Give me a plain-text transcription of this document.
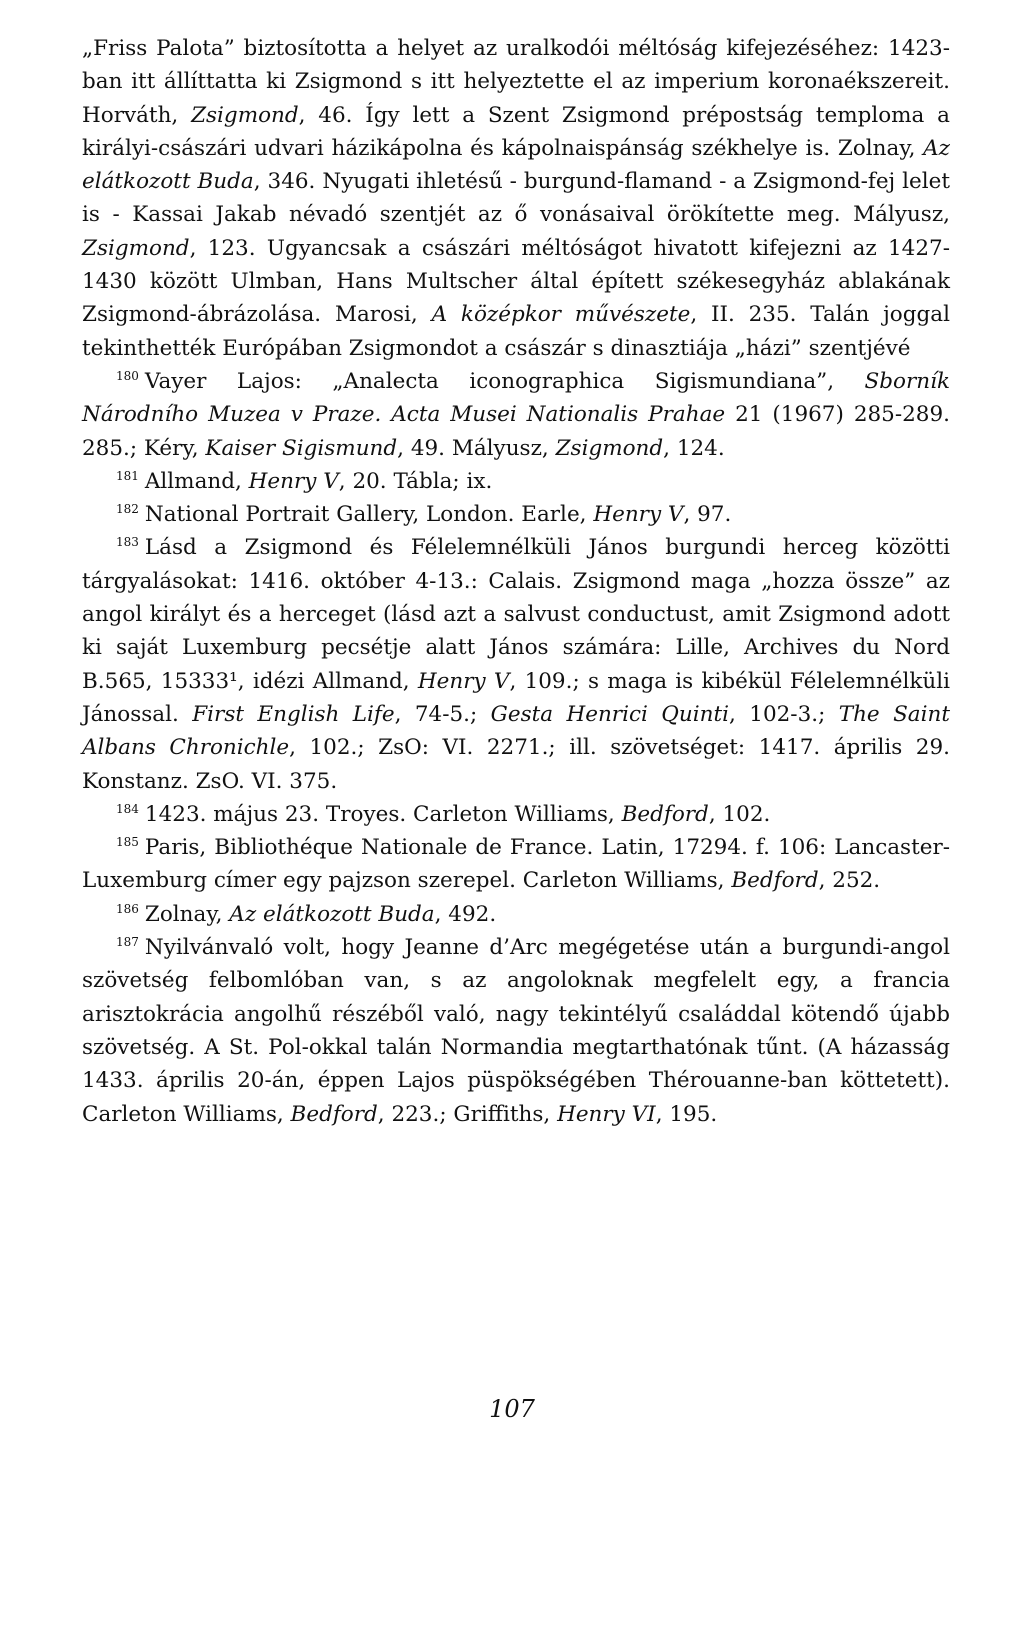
„Friss Palota” biztosította a helyet az uralkodói méltóság kifejezéséhez: 1423-ban itt állíttatta ki Zsigmond s itt helyeztette el az imperium koronaékszereit. Horváth, Zsigmond, 46. Így lett a Szent Zsigmond prépostság temploma a királyi-császári udvari házikápolna és kápolnaispánság székhelye is. Zolnay, Az elátkozott Buda, 346. Nyugati ihletésű - burgund-flamand - a Zsigmond-fej lelet is - Kassai Jakab névadó szentjét az ő vonásaival örökítette meg. Mályusz, Zsigmond, 123. Ugyancsak a császári méltóságot hivatott kifejezni az 1427-1430 között Ulmban, Hans Multscher által épített székesegyház ablakának Zsigmond-ábrázolása. Marosi, A középkor művészete, II. 235. Talán joggal tekinthették Európában Zsigmondot a császár s dinasztiája „házi” szentjévé

$^{180}$ Vayer Lajos: „Analecta iconographica Sigismundiana”, Sborník Národního Muzea v Praze. Acta Musei Nationalis Prahae 21 (1967) 285-289. 285.; Kéry, Kaiser Sigismund, 49. Mályusz, Zsigmond, 124.

$^{181}$ Allmand, Henry V, 20. Tábla; ix.

$^{182}$ National Portrait Gallery, London. Earle, Henry V, 97.

$^{183}$ Lásd a Zsigmond és Félelemnélküli János burgundi herceg közötti tárgyalásokat: 1416. október 4-13.: Calais. Zsigmond maga „hozza össze” az angol királyt és a herceget (lásd azt a salvust conductust, amit Zsigmond adott ki saját Luxemburg pecsétje alatt János számára: Lille, Archives du Nord B.565, 15333¹, idézi Allmand, Henry V, 109.; s maga is kibékül Félelemnélküli Jánossal. First English Life, 74-5.; Gesta Henrici Quinti, 102-3.; The Saint Albans Chronichle, 102.; ZsO: VI. 2271.; ill. szövetséget: 1417. április 29. Konstanz. ZsO. VI. 375.

$^{184}$ 1423. május 23. Troyes. Carleton Williams, Bedford, 102.

$^{185}$ Paris, Bibliothéque Nationale de France. Latin, 17294. f. 106: Lancaster-Luxemburg címer egy pajzson szerepel. Carleton Williams, Bedford, 252.

$^{186}$ Zolnay, Az elátkozott Buda, 492.

$^{187}$ Nyilvánvaló volt, hogy Jeanne d’Arc megégetése után a burgundi-angol szövetség felbomlóban van, s az angoloknak megfelelt egy, a francia arisztokrácia angolhű részéből való, nagy tekintélyű családdal kötendő újabb szövetség. A St. Pol-okkal talán Normandia megtarthatónak tűnt. (A házasság 1433. április 20-án, éppen Lajos püspökségében Thérouanne-ban köttetett). Carleton Williams, Bedford, 223.; Griffiths, Henry VI, 195.

107
